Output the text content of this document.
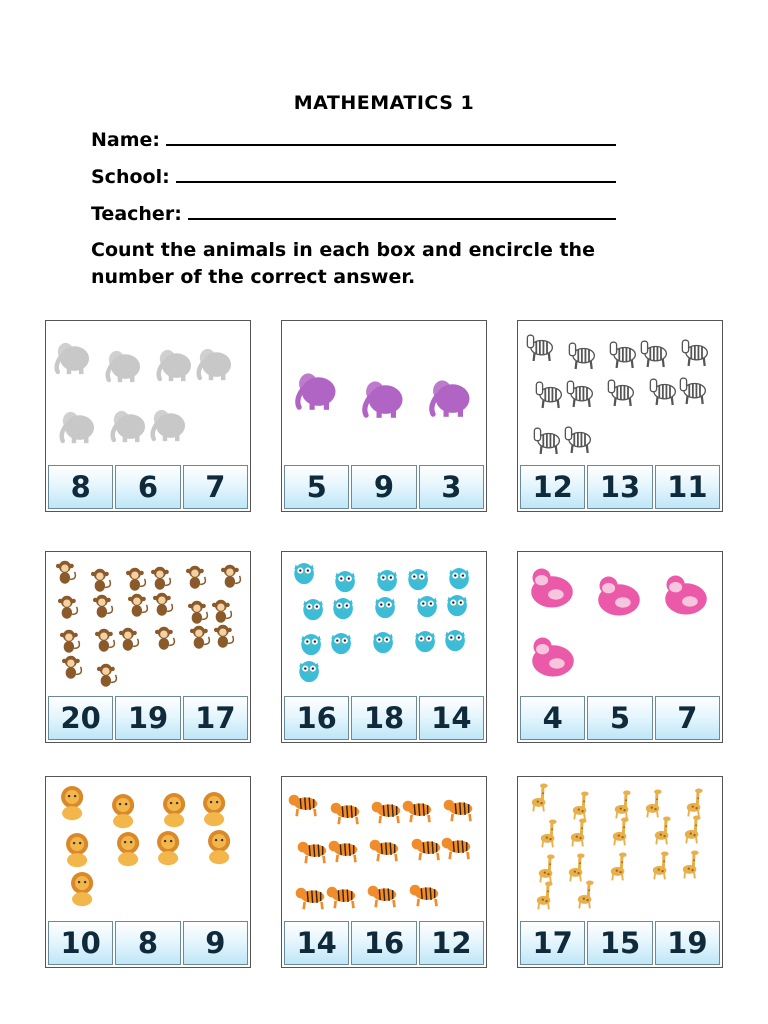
MATHEMATICS 1
Name:
School:
Teacher:
Count the animals in each box and encircle the number of the correct answer.
8	6	7	5	9	3	12 13 11
20 19 17	16 18 14	4	5	7
10	8	9	14 16 12	17 15 19
